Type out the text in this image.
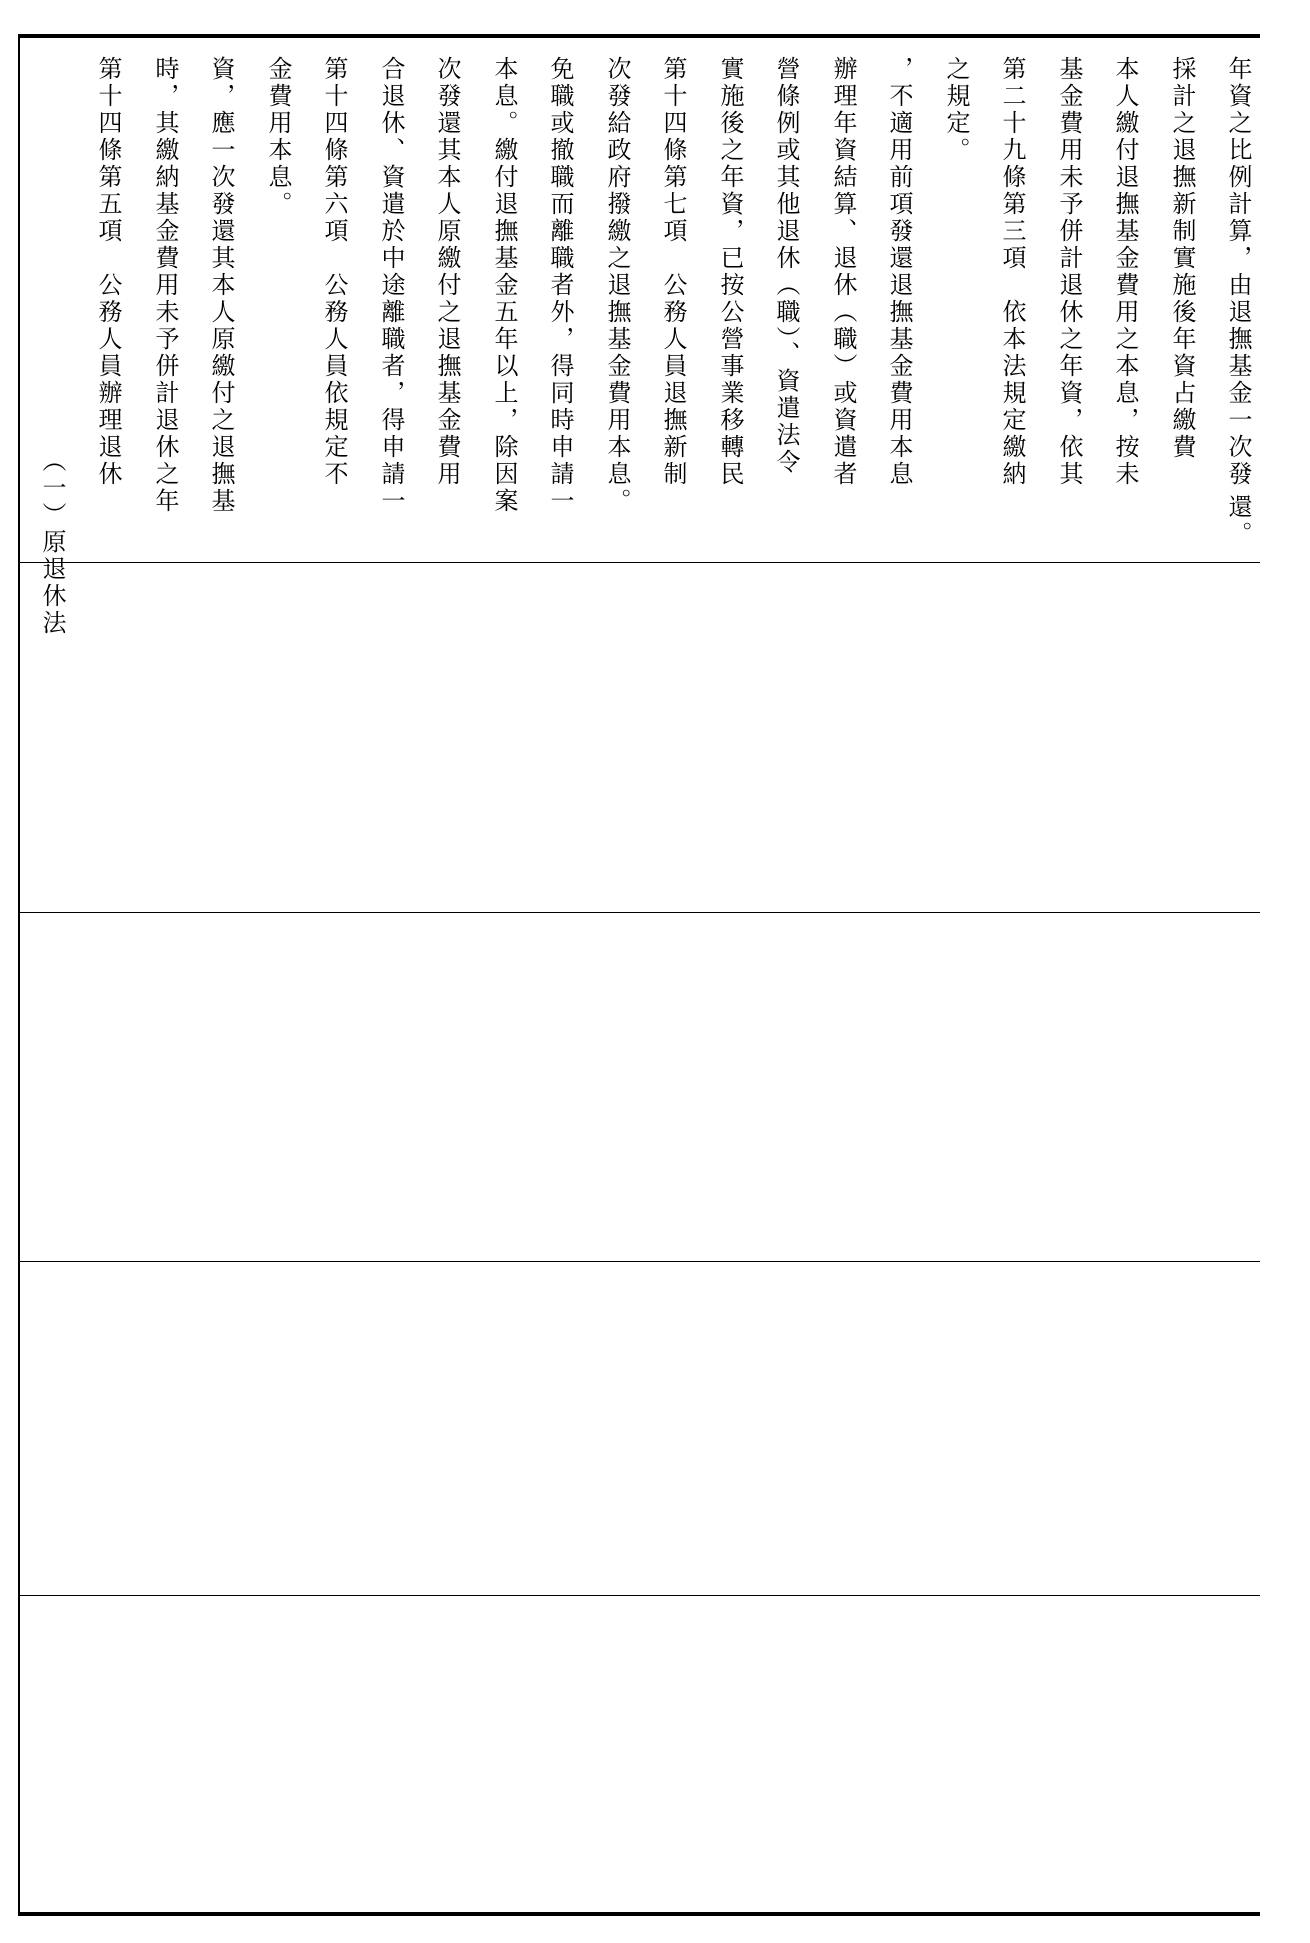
（一）原退休法
第十四條第五項　公務人員辦理退休 時，其繳納基金費用未予併計退休之年 資，應一次發還其本人原繳付之退撫基 金費用本息。 第十四條第六項　公務人員依規定不 合退休、資遣於中途離職者，得申請一 次發還其本人原繳付之退撫基金費用 本息。繳付退撫基金五年以上，除因案 免職或撤職而離職者外，得同時申請一 次發給政府撥繳之退撫基金費用本息。 第十四條第七項　公務人員退撫新制 實施後之年資，已按公營事業移轉民 營條例或其他退休（職）、資遣法令 辦理年資結算、退休（職）或資遣者 ，不適用前項發還退撫基金費用本息 之規定。 第二十九條第三項　依本法規定繳納 基金費用未予併計退休之年資，依其 本人繳付退撫基金費用之本息，按未 採計之退撫新制實施後年資占繳費 年資之比例計算，由退撫基金一次發
還。
